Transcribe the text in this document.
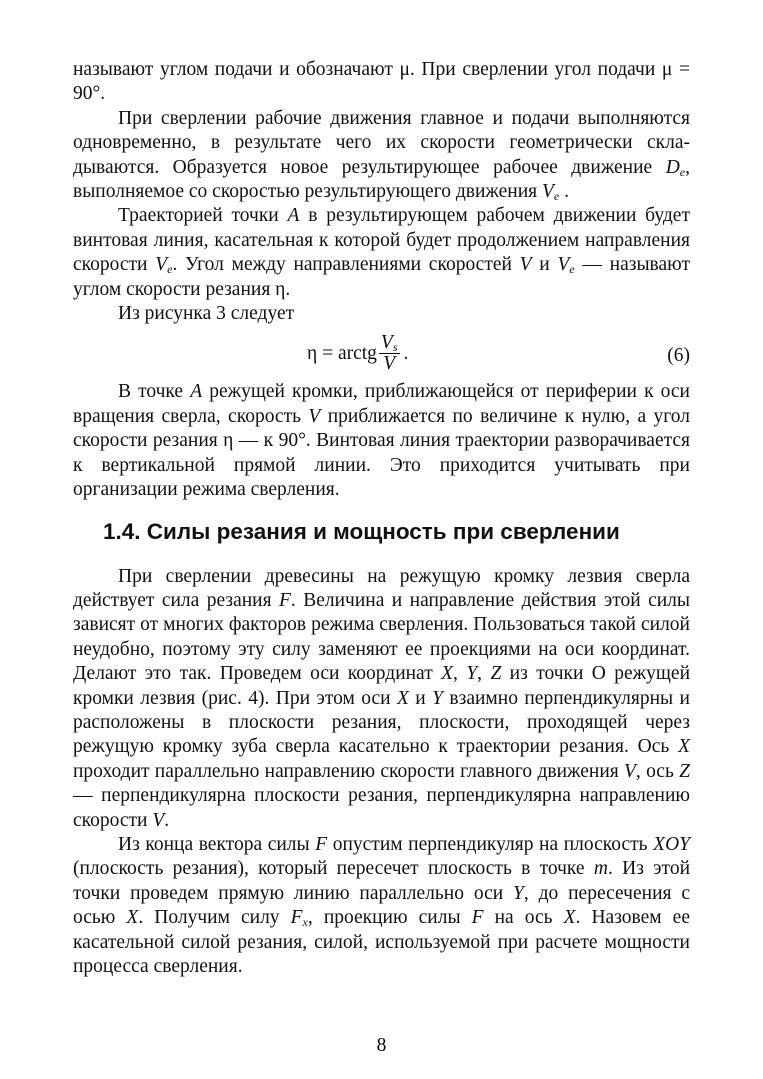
называют углом подачи и обозначают μ. При сверлении угол подачи μ = 90°.

При сверлении рабочие движения главное и подачи выполняются одновременно, в результате чего их скорости геометрически складываются. Образуется новое результирующее рабочее движение $D_e$, выполняемое со скоростью результирующего движения $V_e$ .

Траекторией точки A в результирующем рабочем движении будет винтовая линия, касательная к которой будет продолжением направления скорости $V_e$. Угол между направлениями скоростей V и $V_e$ — называют углом скорости резания η.

Из рисунка 3 следует

η = arctg $\frac{V_s}{V}$ .	(6)

В точке A режущей кромки, приближающейся от периферии к оси вращения сверла, скорость V приближается по величине к нулю, а угол скорости резания η — к 90°. Винтовая линия траектории разворачивается к вертикальной прямой линии. Это приходится учитывать при организации режима сверления.

1.4. Силы резания и мощность при сверлении

При сверлении древесины на режущую кромку лезвия сверла действует сила резания F. Величина и направление действия этой силы зависят от многих факторов режима сверления. Пользоваться такой силой неудобно, поэтому эту силу заменяют ее проекциями на оси координат. Делают это так. Проведем оси координат X, Y, Z из точки О режущей кромки лезвия (рис. 4). При этом оси X и Y взаимно перпендикулярны и расположены в плоскости резания, плоскости, проходящей через режущую кромку зуба сверла касательно к траектории резания. Ось X проходит параллельно направлению скорости главного движения V, ось Z — перпендикулярна плоскости резания, перпендикулярна направлению скорости V.

Из конца вектора силы F опустим перпендикуляр на плоскость XOY (плоскость резания), который пересечет плоскость в точке m. Из этой точки проведем прямую линию параллельно оси Y, до пересечения с осью X. Получим силу $F_x$, проекцию силы F на ось X. Назовем ее касательной силой резания, силой, используемой при расчете мощности процесса сверления.

8
